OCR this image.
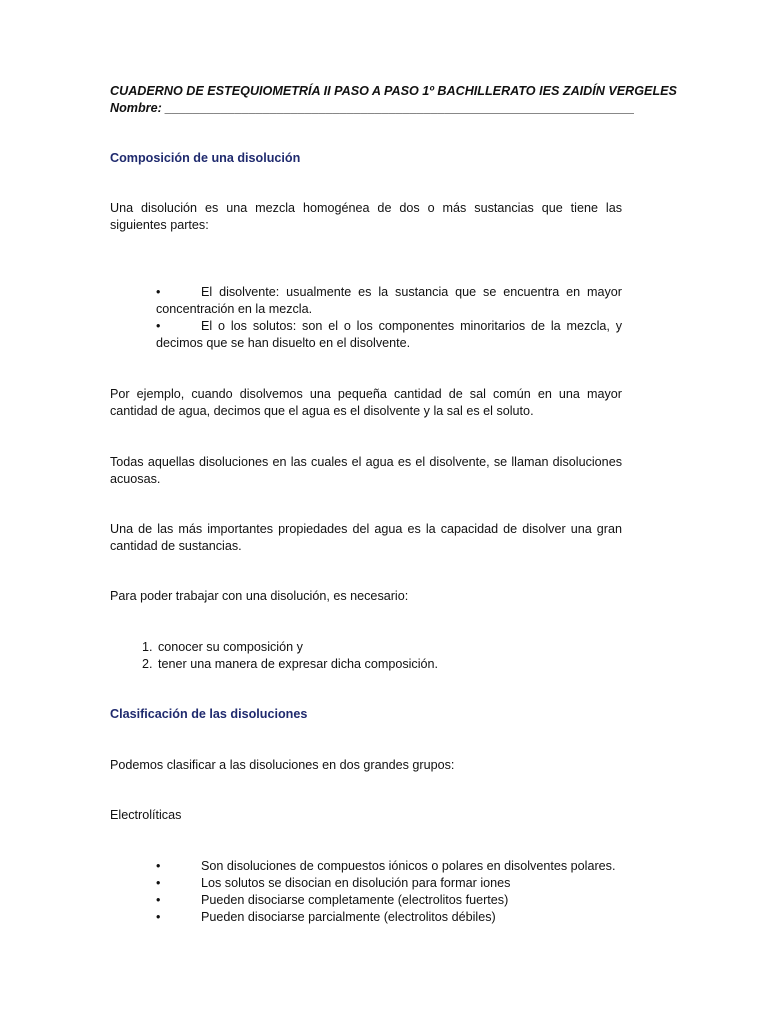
CUADERNO DE ESTEQUIOMETRÍA II PASO A PASO 1º BACHILLERATO IES ZAIDÍN VERGELES
Nombre: ___________________________________________________________________
Composición de una disolución

Una disolución es una mezcla homogénea de dos o más sustancias que tiene las siguientes partes:

•	El disolvente: usualmente es la sustancia que se encuentra en mayor concentración en la mezcla.
•	El o los solutos: son el o los componentes minoritarios de la mezcla, y decimos que se han disuelto en el disolvente.

Por ejemplo, cuando disolvemos una pequeña cantidad de sal común en una mayor cantidad de agua, decimos que el agua es el disolvente y la sal es el soluto.

Todas aquellas disoluciones en las cuales el agua es el disolvente, se llaman disoluciones acuosas.

Una de las más importantes propiedades del agua es la capacidad de disolver una gran cantidad de sustancias.

Para poder trabajar con una disolución, es necesario:

1. conocer su composición y
2. tener una manera de expresar dicha composición.
Clasificación de las disoluciones

Podemos clasificar a las disoluciones en dos grandes grupos:

Electrolíticas

•	Son disoluciones de compuestos iónicos o polares en disolventes polares.
•	Los solutos se disocian en disolución para formar iones
•	Pueden disociarse completamente (electrolitos fuertes)
•	Pueden disociarse parcialmente (electrolitos débiles)
